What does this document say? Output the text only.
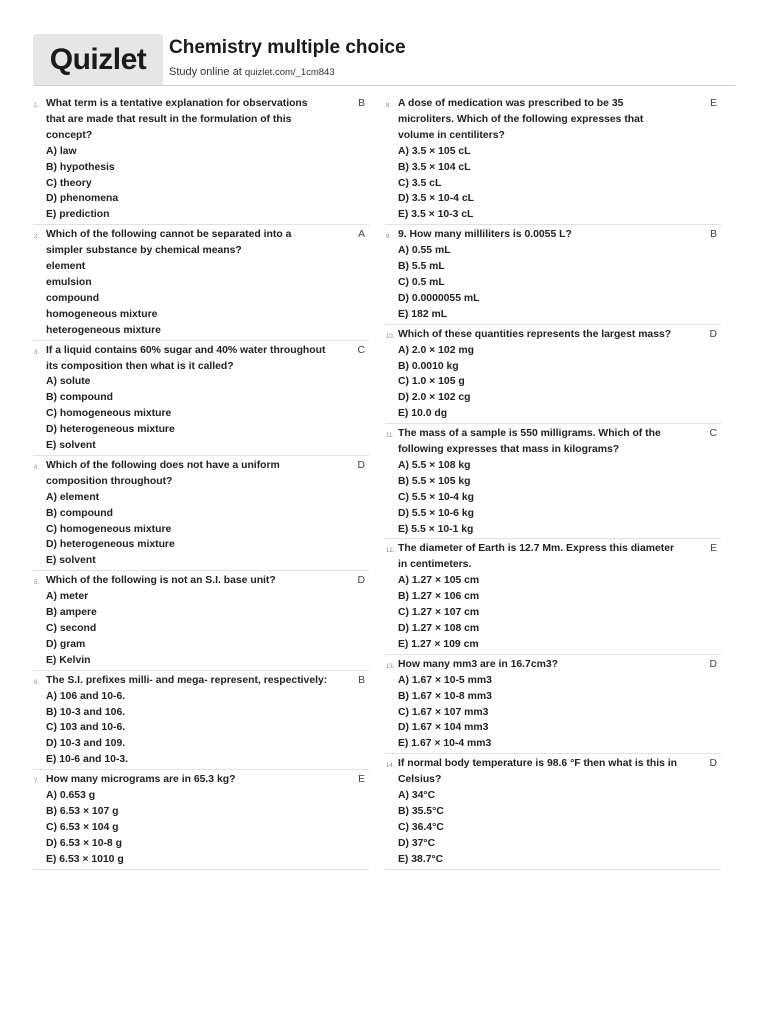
Quizlet	Chemistry multiple choice
Study online at quizlet.com/_1cm843
1.	B
What term is a tentative explanation for observations
that are made that result in the formulation of this
concept?
A) law
B) hypothesis
C) theory
D) phenomena
E) prediction
2.	A
Which of the following cannot be separated into a
simpler substance by chemical means?
element
emulsion
compound
homogeneous mixture
heterogeneous mixture
3.	C
If a liquid contains 60% sugar and 40% water throughout
its composition then what is it called?
A) solute
B) compound
C) homogeneous mixture
D) heterogeneous mixture
E) solvent
4.	D
Which of the following does not have a uniform
composition throughout?
A) element
B) compound
C) homogeneous mixture
D) heterogeneous mixture
E) solvent
5.	D
Which of the following is not an S.I. base unit?
A) meter
B) ampere
C) second
D) gram
E) Kelvin
6.	B
The S.I. prefixes milli- and mega- represent, respectively:
A) 106 and 10-6.
B) 10-3 and 106.
C) 103 and 10-6.
D) 10-3 and 109.
E) 10-6 and 10-3.
7.	E
How many micrograms are in 65.3 kg?
A) 0.653 g
B) 6.53 × 107 g
C) 6.53 × 104 g
D) 6.53 × 10-8 g
E) 6.53 × 1010 g
8.	E
A dose of medication was prescribed to be 35
microliters. Which of the following expresses that
volume in centiliters?
A) 3.5 × 105 cL
B) 3.5 × 104 cL
C) 3.5 cL
D) 3.5 × 10-4 cL
E) 3.5 × 10-3 cL
9.	B
9. How many milliliters is 0.0055 L?
A) 0.55 mL
B) 5.5 mL
C) 0.5 mL
D) 0.0000055 mL
E) 182 mL
10.	D
Which of these quantities represents the largest mass?
A) 2.0 × 102 mg
B) 0.0010 kg
C) 1.0 × 105 g
D) 2.0 × 102 cg
E) 10.0 dg
11.	C
The mass of a sample is 550 milligrams. Which of the
following expresses that mass in kilograms?
A) 5.5 × 108 kg
B) 5.5 × 105 kg
C) 5.5 × 10-4 kg
D) 5.5 × 10-6 kg
E) 5.5 × 10-1 kg
12.	E
The diameter of Earth is 12.7 Mm. Express this diameter
in centimeters.
A) 1.27 × 105 cm
B) 1.27 × 106 cm
C) 1.27 × 107 cm
D) 1.27 × 108 cm
E) 1.27 × 109 cm
13.	D
How many mm3 are in 16.7cm3?
A) 1.67 × 10-5 mm3
B) 1.67 × 10-8 mm3
C) 1.67 × 107 mm3
D) 1.67 × 104 mm3
E) 1.67 × 10-4 mm3
14.	D
If normal body temperature is 98.6 °F then what is this in
Celsius?
A) 34°C
B) 35.5°C
C) 36.4°C
D) 37°C
E) 38.7°C
